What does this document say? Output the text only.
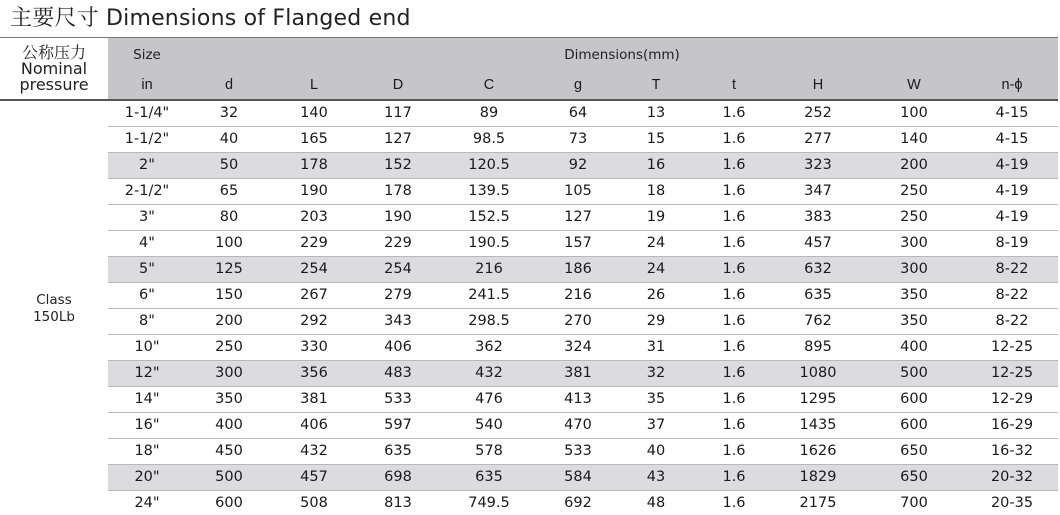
主要尺寸 Dimensions of Flanged end
公称压力
Nominal
pressure	Size	Dimensions(mm)									
	in	d	L	D	C	g	T	t	H	W	n-ϕ

Class
150Lb	1-1/4"	32	140	117	89	64	13	1.6	252	100	4-15
	1-1/2"	40	165	127	98.5	73	15	1.6	277	140	4-15
	2"	50	178	152	120.5	92	16	1.6	323	200	4-19
	2-1/2"	65	190	178	139.5	105	18	1.6	347	250	4-19
	3"	80	203	190	152.5	127	19	1.6	383	250	4-19
	4"	100	229	229	190.5	157	24	1.6	457	300	8-19
	5"	125	254	254	216	186	24	1.6	632	300	8-22
	6"	150	267	279	241.5	216	26	1.6	635	350	8-22
	8"	200	292	343	298.5	270	29	1.6	762	350	8-22
	10"	250	330	406	362	324	31	1.6	895	400	12-25
	12"	300	356	483	432	381	32	1.6	1080	500	12-25
	14"	350	381	533	476	413	35	1.6	1295	600	12-29
	16"	400	406	597	540	470	37	1.6	1435	600	16-29
	18"	450	432	635	578	533	40	1.6	1626	650	16-32
	20"	500	457	698	635	584	43	1.6	1829	650	20-32
	24"	600	508	813	749.5	692	48	1.6	2175	700	20-35
